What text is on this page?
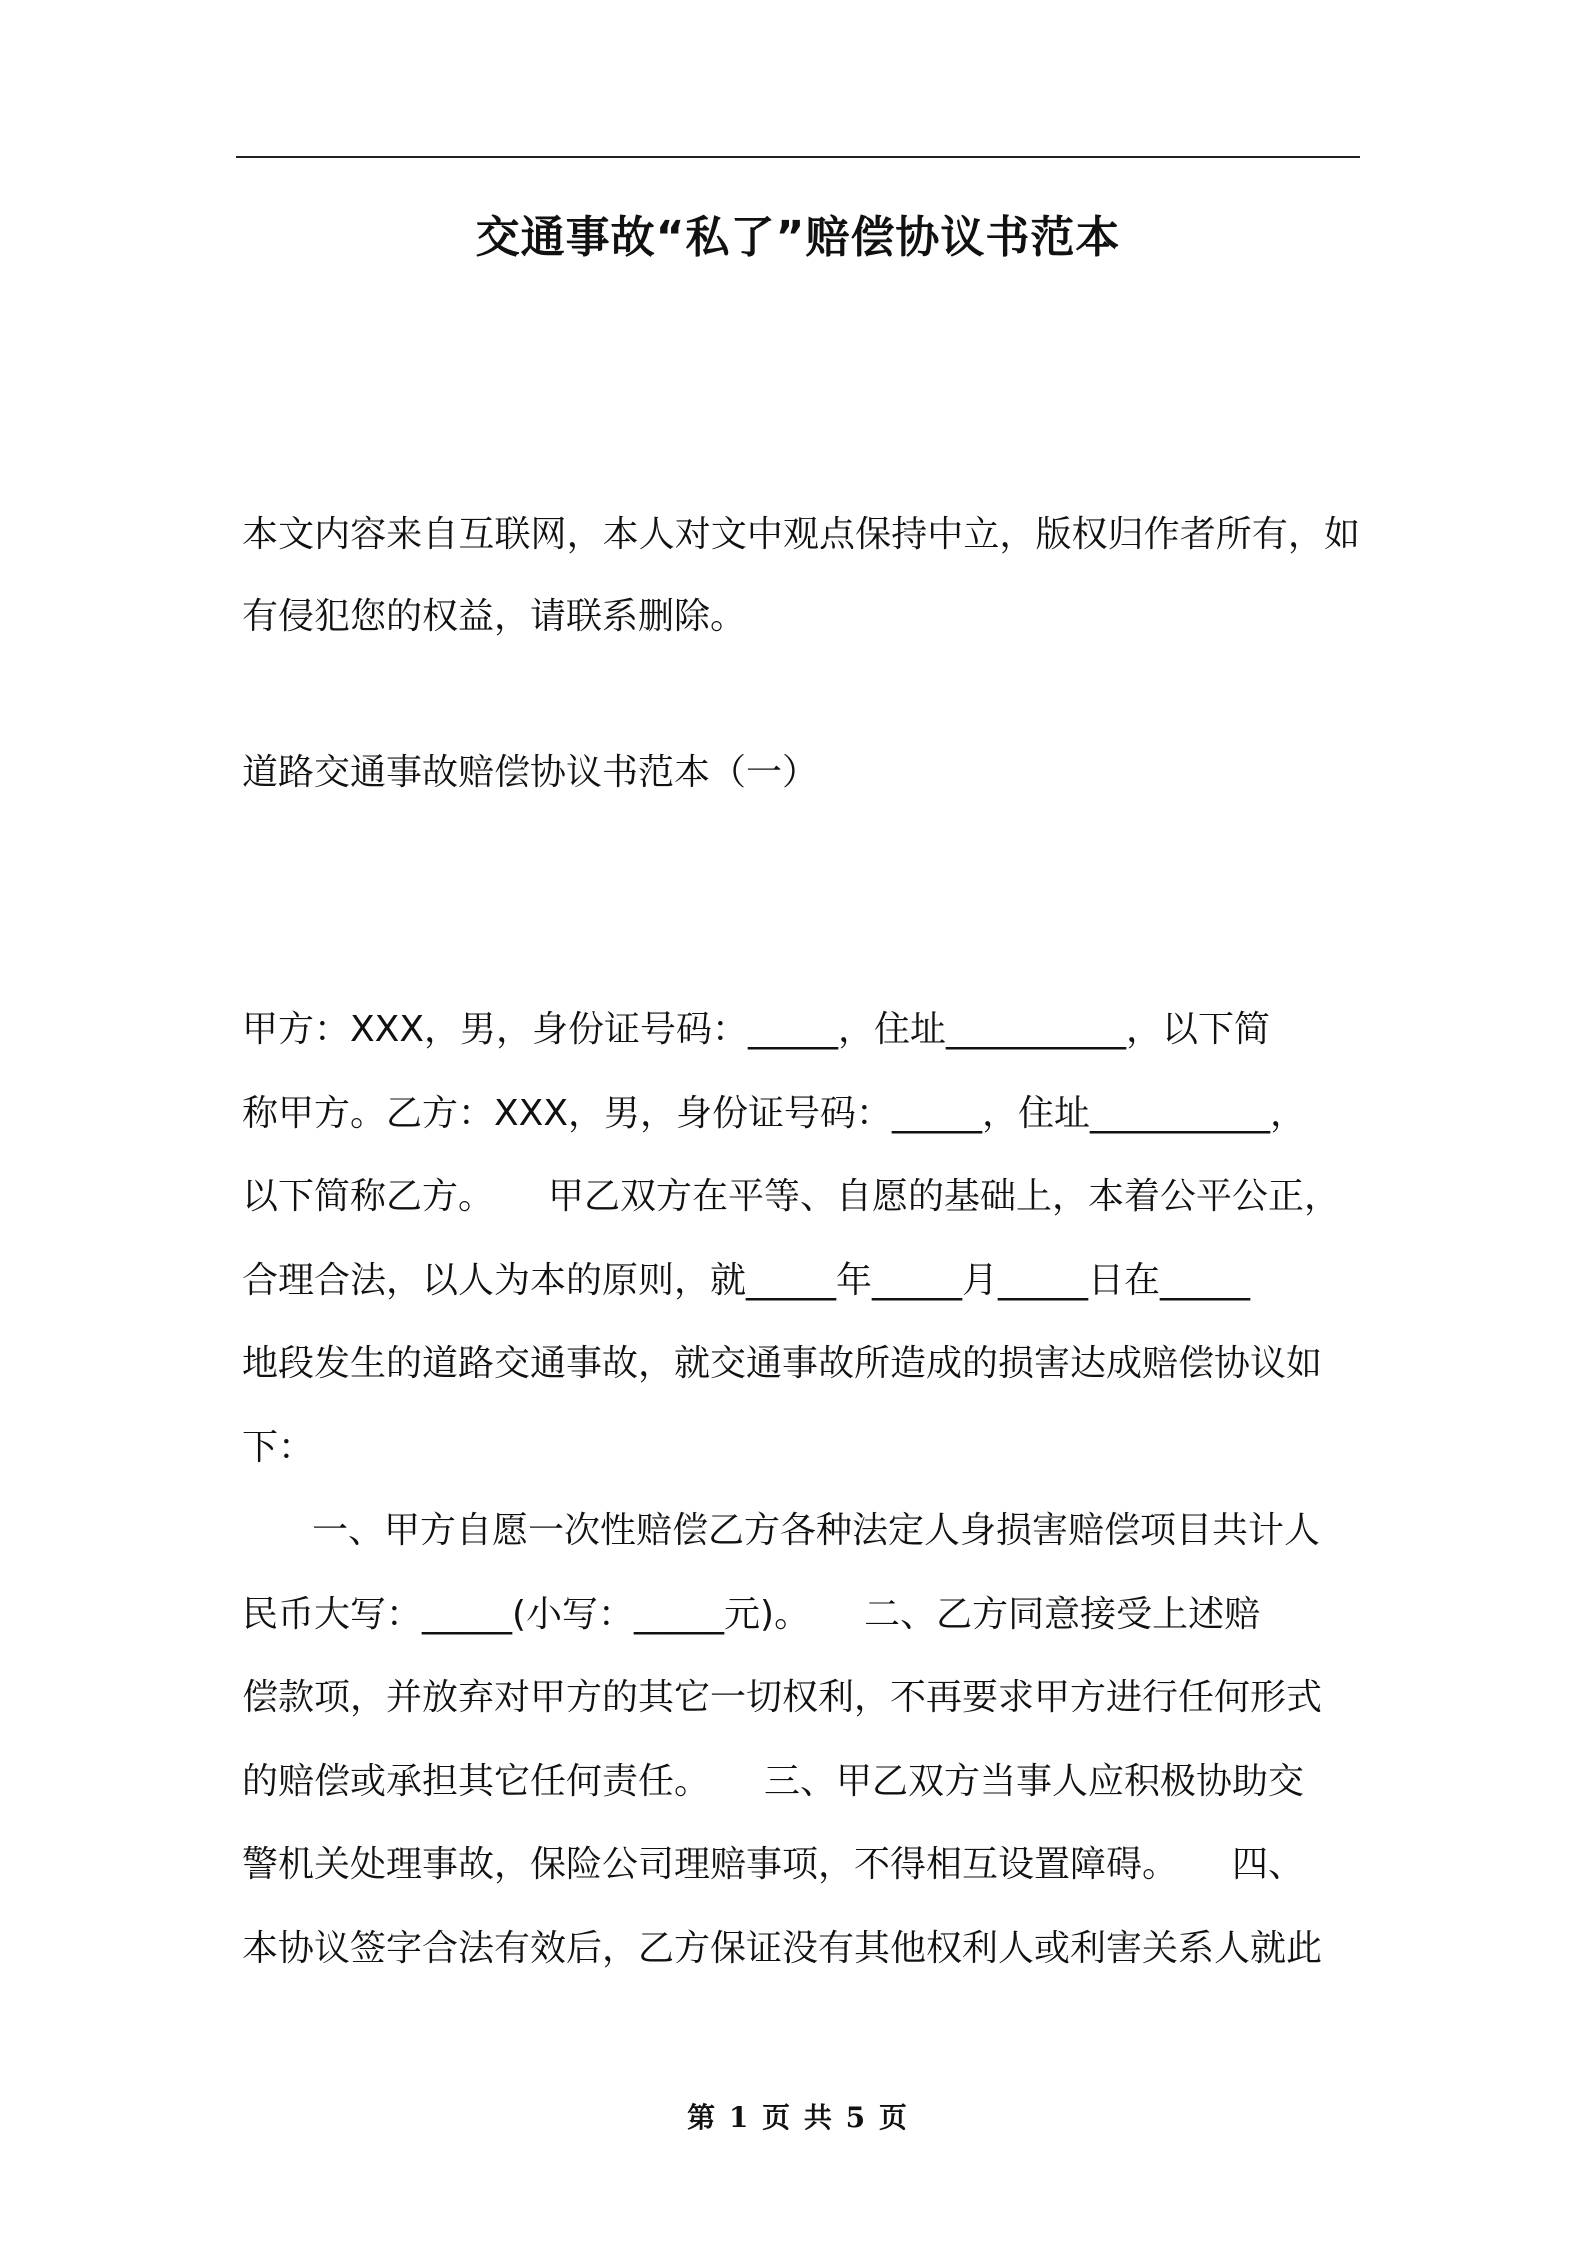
交通事故“私了”赔偿协议书范本
本文内容来自互联网，本人对文中观点保持中立，版权归作者所有，如有侵犯您的权益，请联系删除。
道路交通事故赔偿协议书范本（一）
甲方：XXX，男，身份证号码：_____，住址__________，以下简
称甲方。乙方：XXX，男，身份证号码：_____，住址__________，
以下简称乙方。　　甲乙双方在平等、自愿的基础上，本着公平公正，
合理合法，以人为本的原则，就_____年_____月_____日在_____
地段发生的道路交通事故，就交通事故所造成的损害达成赔偿协议如
下：
一、甲方自愿一次性赔偿乙方各种法定人身损害赔偿项目共计人
民币大写：_____(小写：_____元)。　　二、乙方同意接受上述赔
偿款项，并放弃对甲方的其它一切权利，不再要求甲方进行任何形式
的赔偿或承担其它任何责任。　　三、甲乙双方当事人应积极协助交
警机关处理事故，保险公司理赔事项，不得相互设置障碍。　　四、
本协议签字合法有效后，乙方保证没有其他权利人或利害关系人就此
第 1 页 共 5 页
